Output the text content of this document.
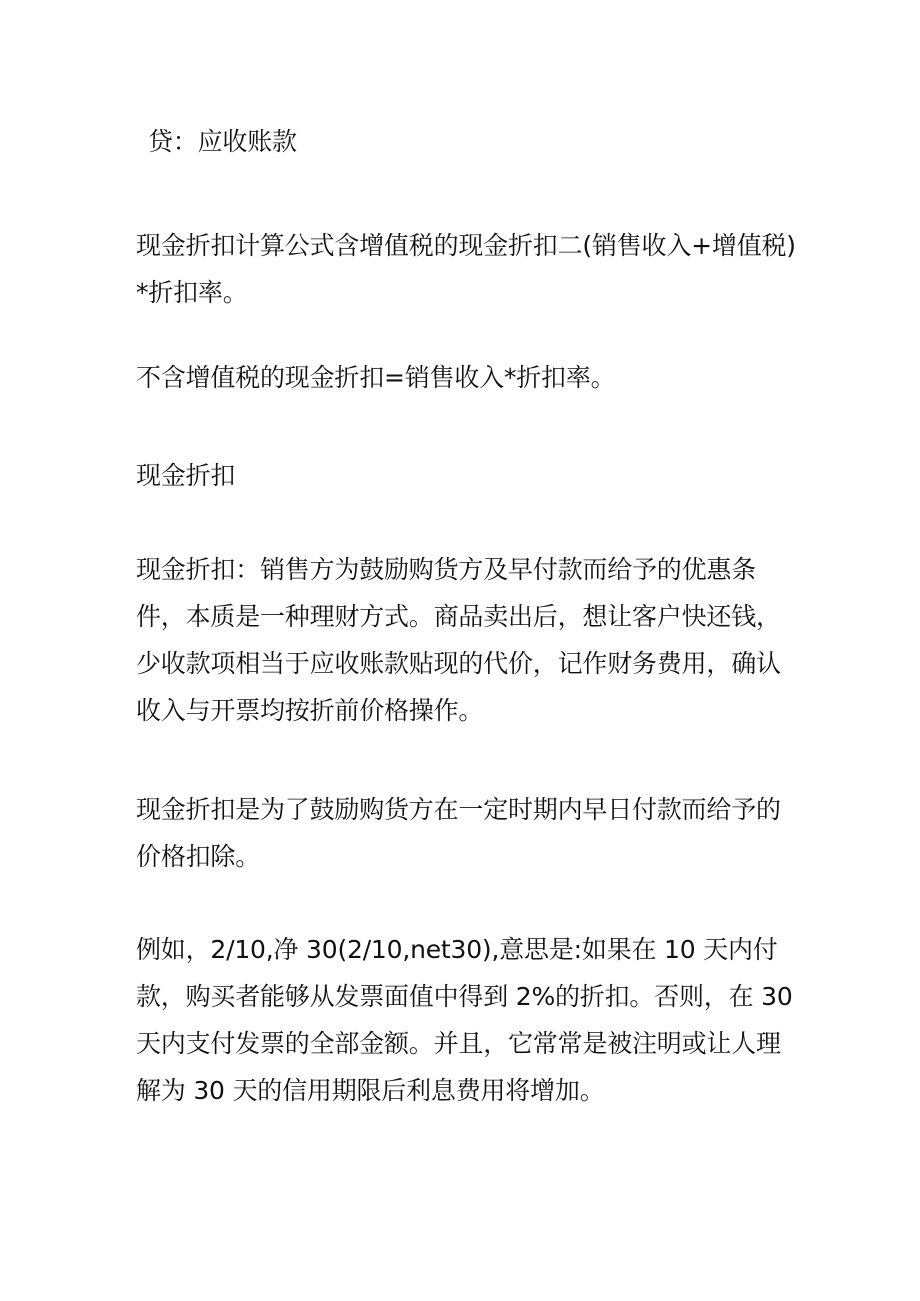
贷：应收账款

现金折扣计算公式含增值税的现金折扣二(销售收入+增值税)*折扣率。

不含增值税的现金折扣=销售收入*折扣率。

现金折扣

现金折扣：销售方为鼓励购货方及早付款而给予的优惠条件，本质是一种理财方式。商品卖出后，想让客户快还钱，少收款项相当于应收账款贴现的代价，记作财务费用，确认收入与开票均按折前价格操作。

现金折扣是为了鼓励购货方在一定时期内早日付款而给予的价格扣除。

例如，2/10,净 30(2/10,net30),意思是:如果在 10 天内付款，购买者能够从发票面值中得到 2%的折扣。否则，在 30 天内支付发票的全部金额。并且，它常常是被注明或让人理解为 30 天的信用期限后利息费用将增加。
